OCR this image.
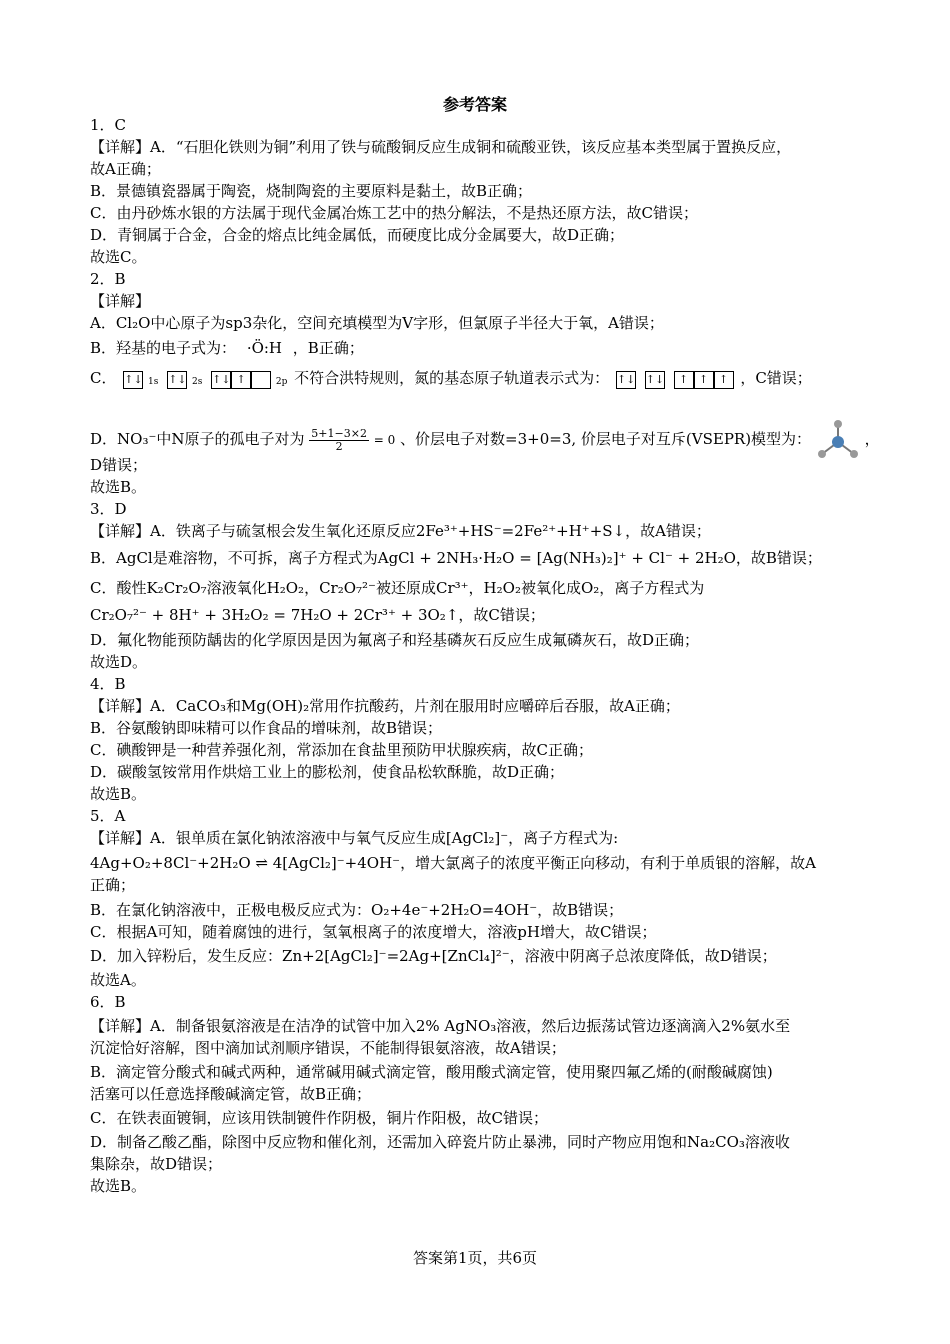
参考答案
1．C
【详解】A．“石胆化铁则为铜”利用了铁与硫酸铜反应生成铜和硫酸亚铁，该反应基本类型属于置换反应，
故A正确；
B．景德镇瓷器属于陶瓷，烧制陶瓷的主要原料是黏土，故B正确；
C．由丹砂炼水银的方法属于现代金属冶炼工艺中的热分解法，不是热还原方法，故C错误；
D．青铜属于合金，合金的熔点比纯金属低，而硬度比成分金属要大，故D正确；
故选C。
2．B
【详解】
A．Cl₂O中心原子为sp3杂化，空间充填模型为V字形，但氯原子半径大于氧，A错误；
B．羟基的电子式为： ·Ö:H ，B正确；
C． ↑↓ 1s ↑↓ 2s ↑↓ ↑	2p 不符合洪特规则，氮的基态原子轨道表示式为： ↑↓ ↑↓ ↑ ↑ ↑ ，C错误；
D．NO₃⁻中N原子的孤电子对为 $\frac{5+1-3\times 2}{2} = 0$ 、价层电子对数=3+0=3, 价层电子对互斥(VSEPR)模型为：	，
D错误；
故选B。
3．D
【详解】A．铁离子与硫氢根会发生氧化还原反应2Fe³⁺+HS⁻=2Fe²⁺+H⁺+S↓，故A错误；
B．AgCl是难溶物，不可拆，离子方程式为AgCl + 2NH₃·H₂O = [Ag(NH₃)₂]⁺ + Cl⁻ + 2H₂O，故B错误；
C．酸性K₂Cr₂O₇溶液氧化H₂O₂，Cr₂O₇²⁻被还原成Cr³⁺，H₂O₂被氧化成O₂，离子方程式为
Cr₂O₇²⁻ + 8H⁺ + 3H₂O₂ = 7H₂O + 2Cr³⁺ + 3O₂↑，故C错误；
D．氟化物能预防龋齿的化学原因是因为氟离子和羟基磷灰石反应生成氟磷灰石，故D正确；
故选D。
4．B
【详解】A．CaCO₃和Mg(OH)₂常用作抗酸药，片剂在服用时应嚼碎后吞服，故A正确；
B．谷氨酸钠即味精可以作食品的增味剂，故B错误；
C．碘酸钾是一种营养强化剂，常添加在食盐里预防甲状腺疾病，故C正确；
D．碳酸氢铵常用作烘焙工业上的膨松剂，使食品松软酥脆，故D正确；
故选B。
5．A
【详解】A．银单质在氯化钠浓溶液中与氧气反应生成[AgCl₂]⁻，离子方程式为:
4Ag+O₂+8Cl⁻+2H₂O ⇌ 4[AgCl₂]⁻+4OH⁻，增大氯离子的浓度平衡正向移动，有利于单质银的溶解，故A
正确；
B．在氯化钠溶液中，正极电极反应式为：O₂+4e⁻+2H₂O=4OH⁻，故B错误；
C．根据A可知，随着腐蚀的进行，氢氧根离子的浓度增大，溶液pH增大，故C错误；
D．加入锌粉后，发生反应：Zn+2[AgCl₂]⁻=2Ag+[ZnCl₄]²⁻，溶液中阴离子总浓度降低，故D错误；
故选A。
6．B
【详解】A．制备银氨溶液是在洁净的试管中加入2% AgNO₃溶液，然后边振荡试管边逐滴滴入2%氨水至
沉淀恰好溶解，图中滴加试剂顺序错误，不能制得银氨溶液，故A错误；
B．滴定管分酸式和碱式两种，通常碱用碱式滴定管，酸用酸式滴定管，使用聚四氟乙烯的(耐酸碱腐蚀)
活塞可以任意选择酸碱滴定管，故B正确；
C．在铁表面镀铜，应该用铁制镀件作阴极，铜片作阳极，故C错误；
D．制备乙酸乙酯，除图中反应物和催化剂，还需加入碎瓷片防止暴沸，同时产物应用饱和Na₂CO₃溶液收
集除杂，故D错误；
故选B。
答案第1页，共6页
